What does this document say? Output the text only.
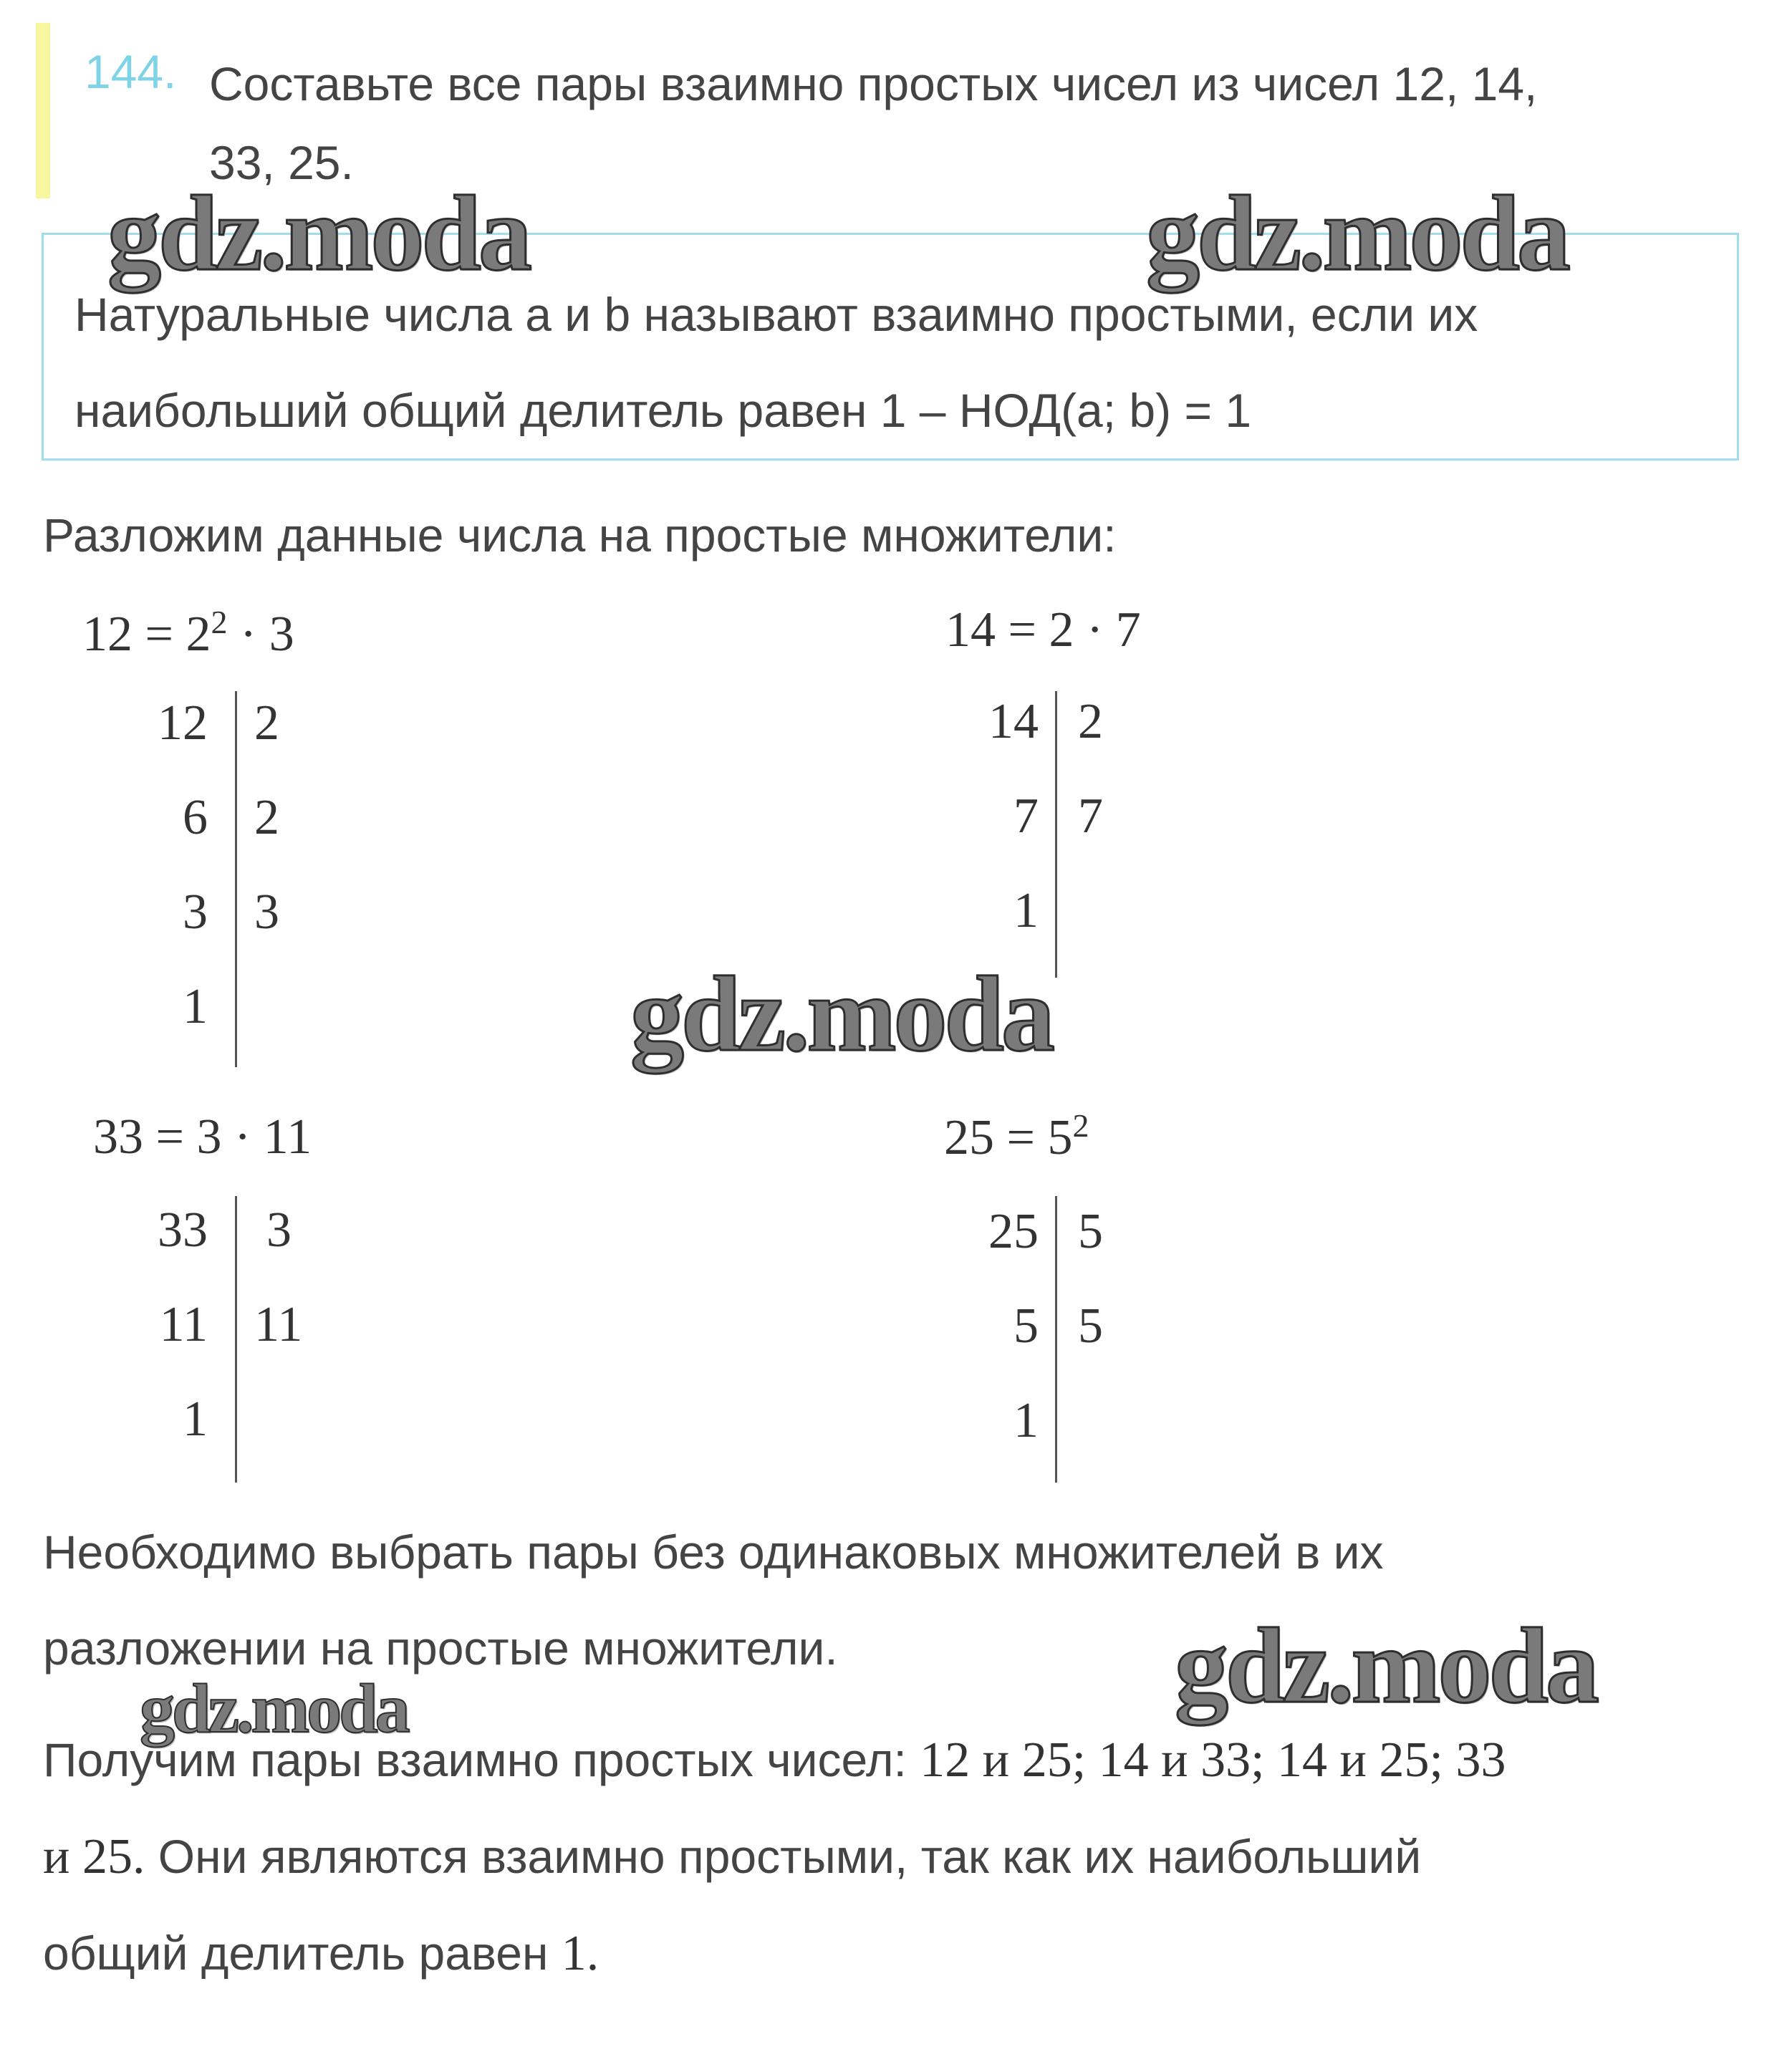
144. Составьте все пары взаимно простых чисел из чисел 12, 14,
33, 25.
Натуральные числа a и b называют взаимно простыми, если их
наибольший общий делитель равен 1 – НОД(a; b) = 1
Разложим данные числа на простые множители:
$12 = 2^2 \cdot 3$
12
6
3
1
2
2
3
14 = 2 · 7
14
7
1
2
7
33 = 3 · 11
33
11
1
3
11
$25 = 5^2$
25
5
1
5
5
Необходимо выбрать пары без одинаковых множителей в их
разложении на простые множители.
Получим пары взаимно простых чисел: 12 и 25; 14 и 33; 14 и 25; 33
и 25. Они являются взаимно простыми, так как их наибольший
общий делитель равен 1.
gdz.moda	gdz.moda
gdz.moda
gdz.moda
gdz.moda
